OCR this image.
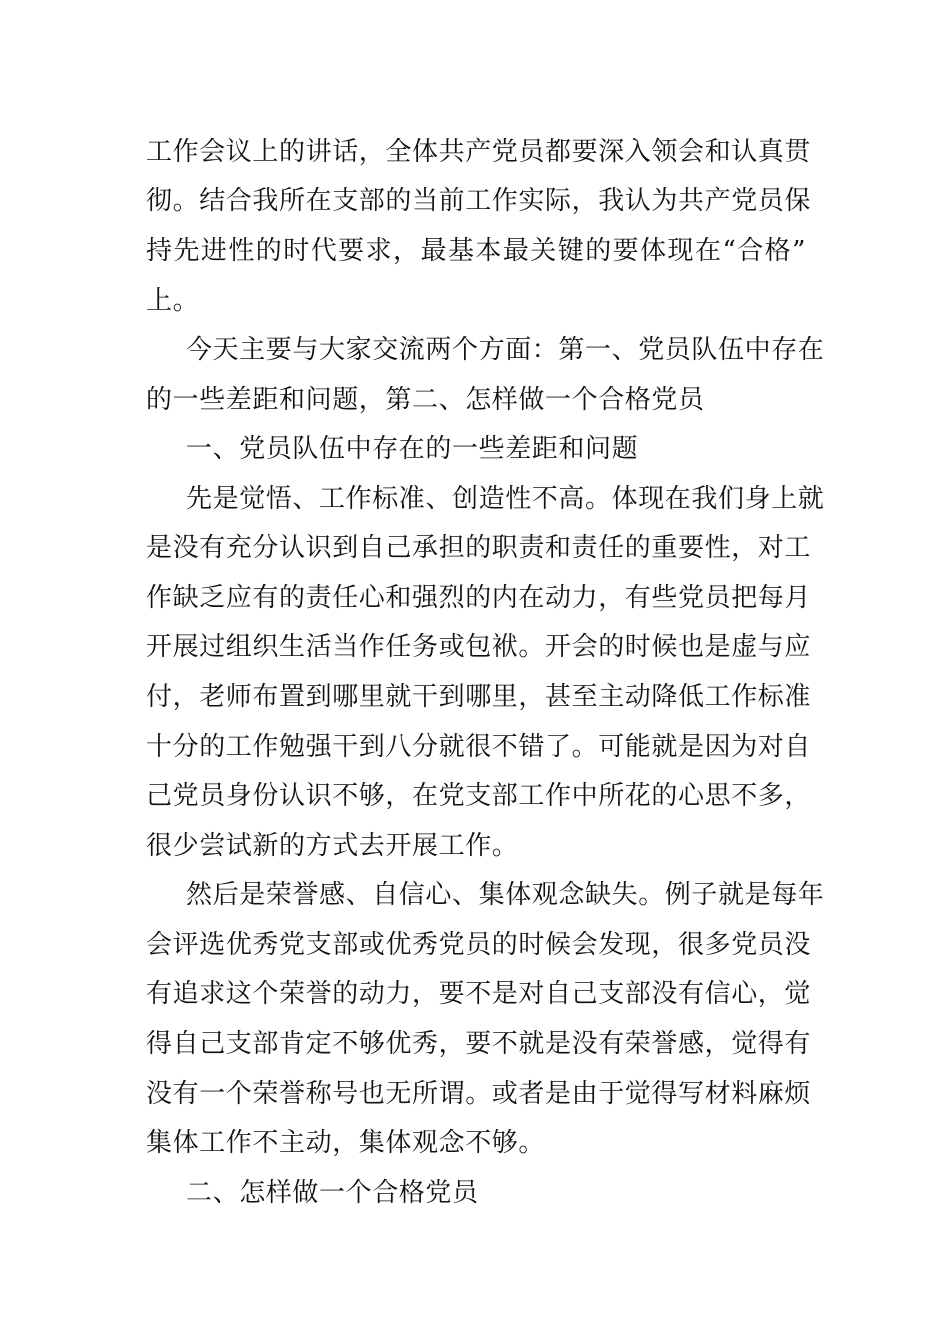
工作会议上的讲话，全体共产党员都要深入领会和认真贯
彻。结合我所在支部的当前工作实际，我认为共产党员保
持先进性的时代要求，最基本最关键的要体现在“合格”
上。
今天主要与大家交流两个方面：第一、党员队伍中存在
的一些差距和问题，第二、怎样做一个合格党员
一、党员队伍中存在的一些差距和问题
先是觉悟、工作标准、创造性不高。体现在我们身上就
是没有充分认识到自己承担的职责和责任的重要性，对工
作缺乏应有的责任心和强烈的内在动力，有些党员把每月
开展过组织生活当作任务或包袱。开会的时候也是虚与应
付，老师布置到哪里就干到哪里，甚至主动降低工作标准
十分的工作勉强干到八分就很不错了。可能就是因为对自
己党员身份认识不够，在党支部工作中所花的心思不多，
很少尝试新的方式去开展工作。
然后是荣誉感、自信心、集体观念缺失。例子就是每年
会评选优秀党支部或优秀党员的时候会发现，很多党员没
有追求这个荣誉的动力，要不是对自己支部没有信心，觉
得自己支部肯定不够优秀，要不就是没有荣誉感，觉得有
没有一个荣誉称号也无所谓。或者是由于觉得写材料麻烦
集体工作不主动，集体观念不够。
二、怎样做一个合格党员
